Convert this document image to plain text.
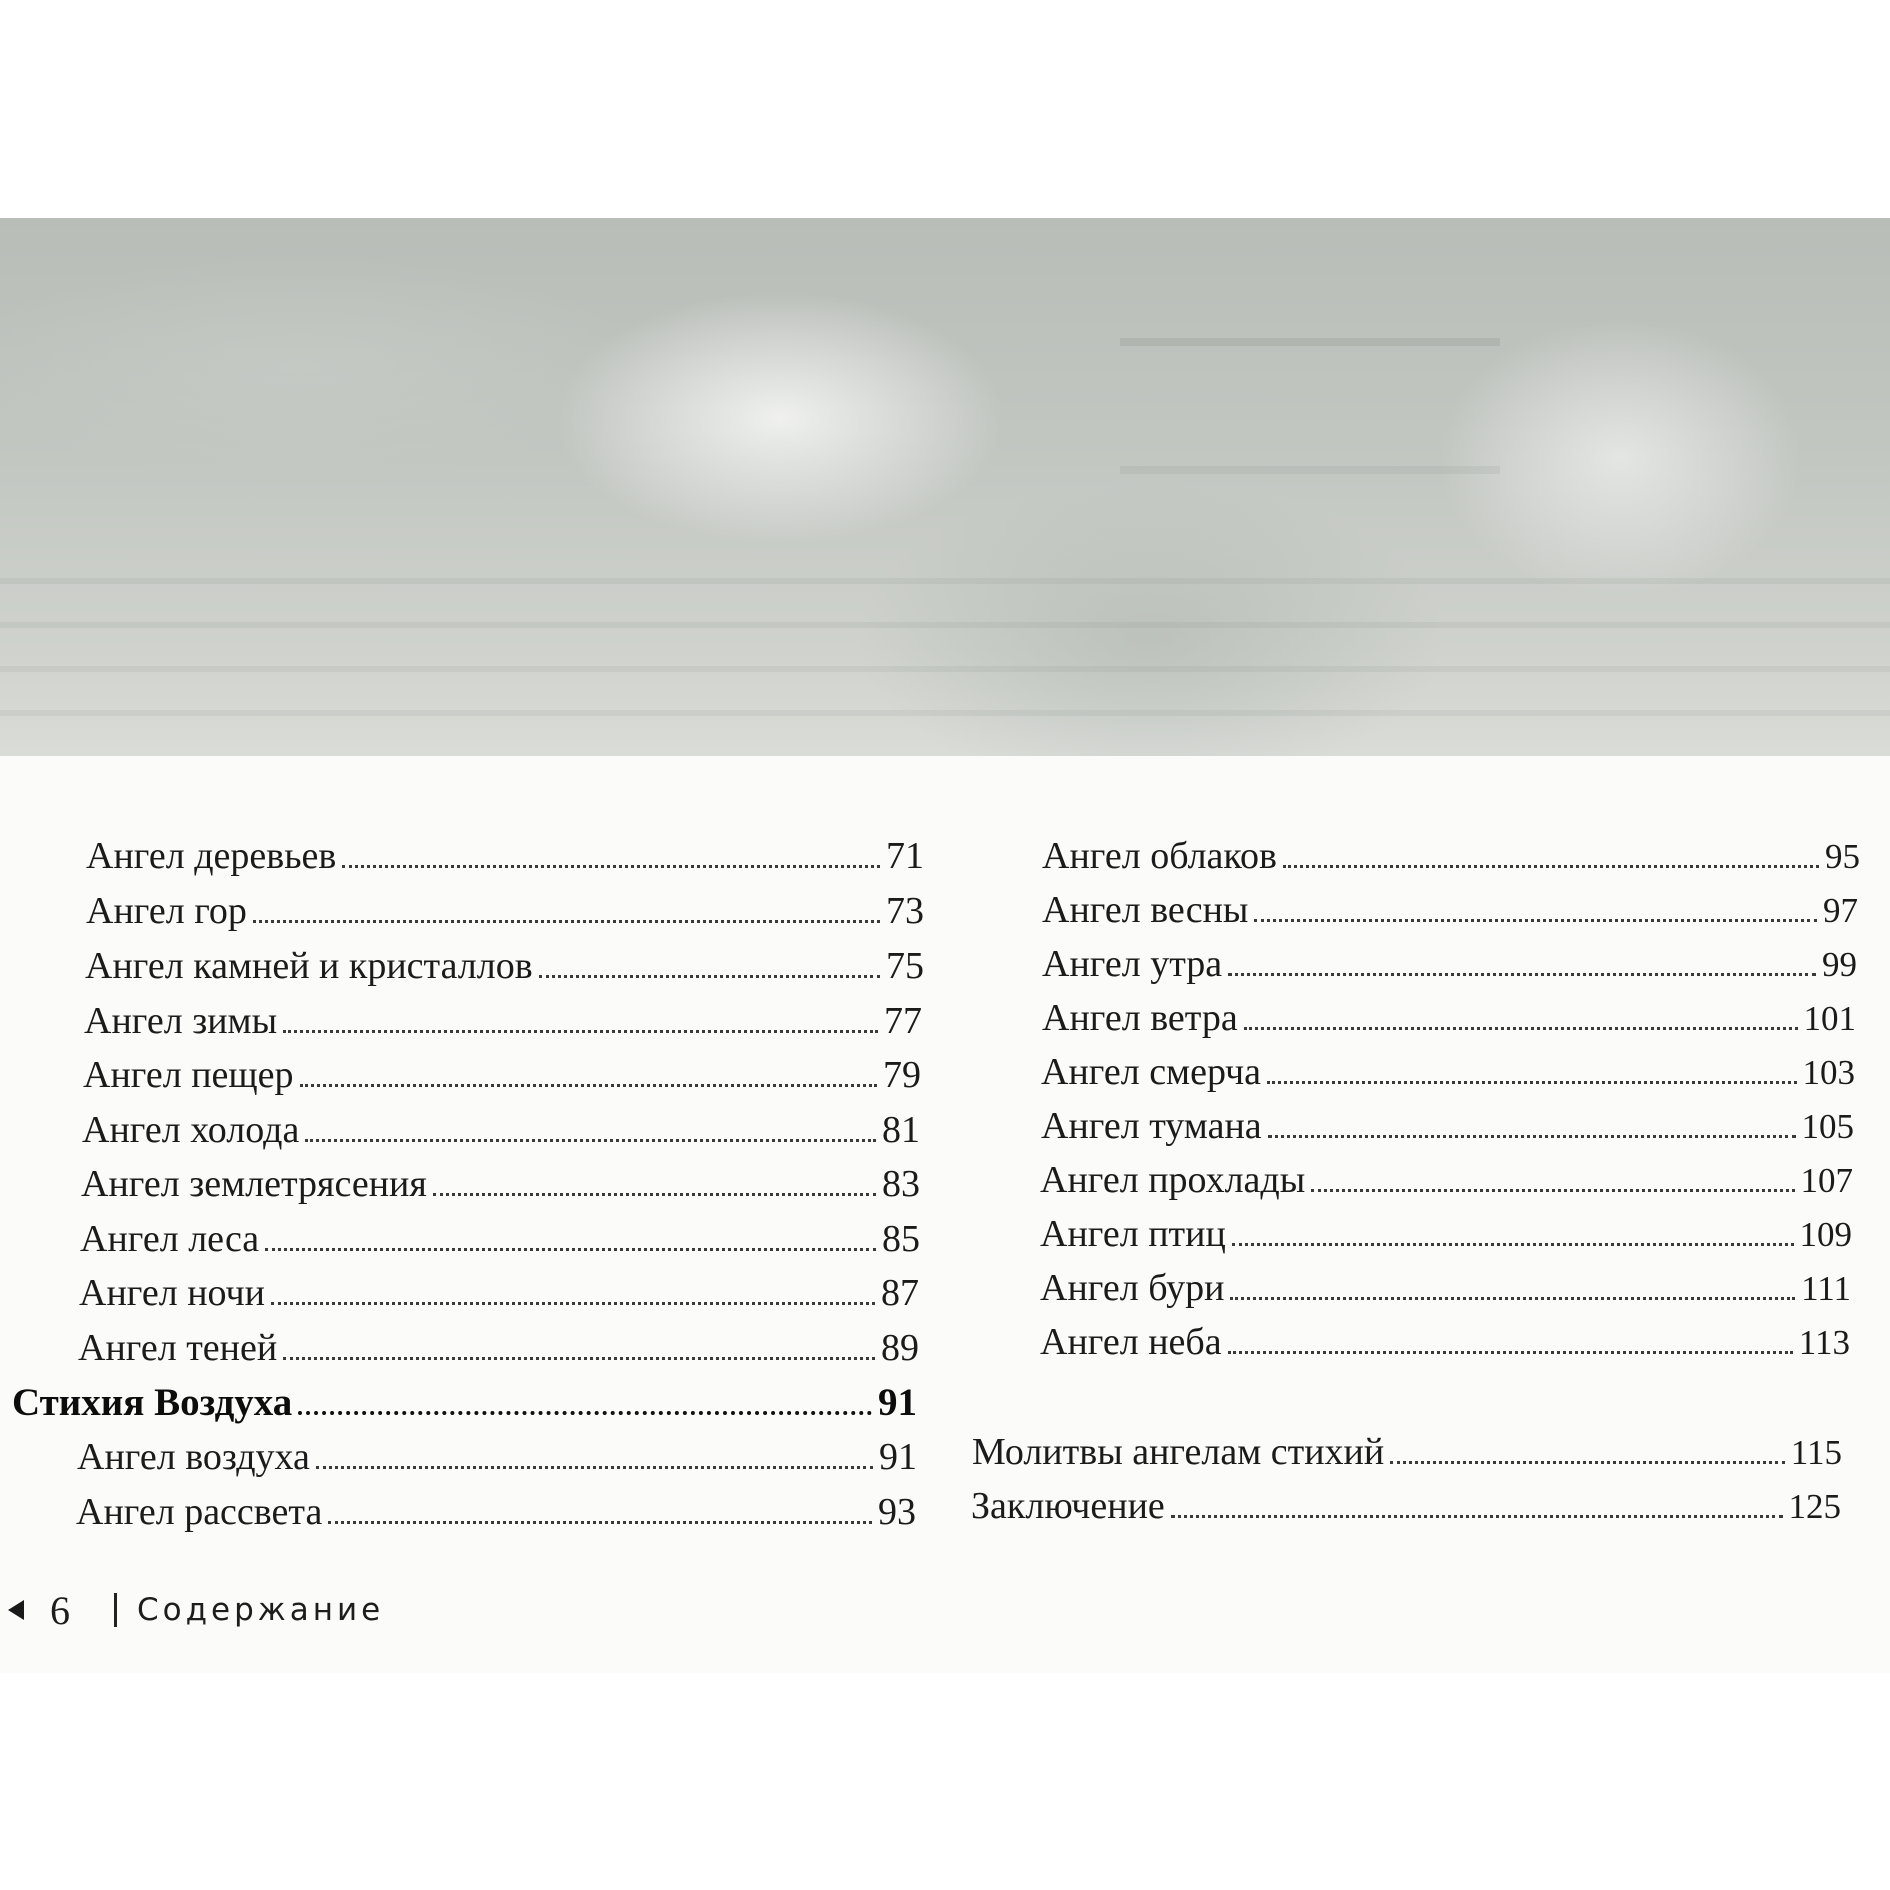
Ангел деревьев	71
Ангел гор	73
Ангел камней и кристаллов	75
Ангел зимы	77
Ангел пещер	79
Ангел холода	81
Ангел землетрясения	83
Ангел леса	85
Ангел ночи	87
Ангел теней	89
Стихия Воздуха	91
Ангел воздуха	91
Ангел рассвета	93
Ангел облаков	95
Ангел весны	97
Ангел утра	99
Ангел ветра	101
Ангел смерча	103
Ангел тумана	105
Ангел прохлады	107
Ангел птиц	109
Ангел бури	111
Ангел неба	113
Молитвы ангелам стихий	115
Заключение	125
6 Содержание
